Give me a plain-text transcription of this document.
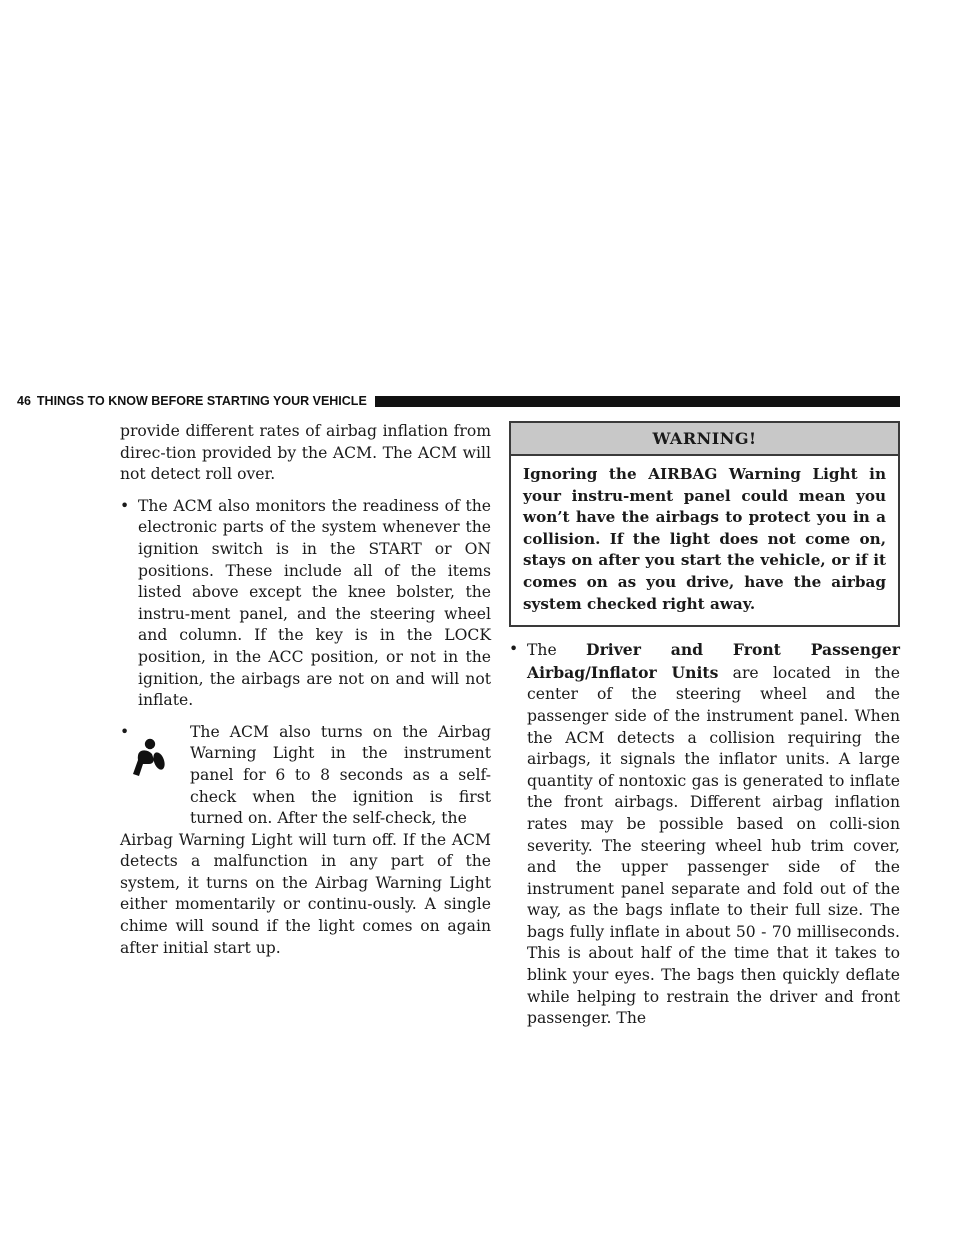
46 THINGS TO KNOW BEFORE STARTING YOUR VEHICLE

provide different rates of airbag inflation from direc-tion provided by the ACM. The ACM will not detect roll over.

• The ACM also monitors the readiness of the electronic parts of the system whenever the ignition switch is in the START or ON positions. These include all of the items listed above except the knee bolster, the instru-ment panel, and the steering wheel and column. If the key is in the LOCK position, in the ACC position, or not in the ignition, the airbags are not on and will not inflate.

• The ACM also turns on the Airbag Warning Light in the instrument panel for 6 to 8 seconds as a self-check when the ignition is first turned on. After the self-check, the

Airbag Warning Light will turn off. If the ACM detects a malfunction in any part of the system, it turns on the Airbag Warning Light either momentarily or continu-ously. A single chime will sound if the light comes on again after initial start up.

WARNING!
Ignoring the AIRBAG Warning Light in your instru-ment panel could mean you won’t have the airbags to protect you in a collision. If the light does not come on, stays on after you start the vehicle, or if it comes on as you drive, have the airbag system checked right away.

• The Driver and Front Passenger Airbag/Inflator Units are located in the center of the steering wheel and the passenger side of the instrument panel. When the ACM detects a collision requiring the airbags, it signals the inflator units. A large quantity of nontoxic gas is generated to inflate the front airbags. Different airbag inflation rates may be possible based on colli-sion severity. The steering wheel hub trim cover, and the upper passenger side of the instrument panel separate and fold out of the way, as the bags inflate to their full size. The bags fully inflate in about 50 - 70 milliseconds. This is about half of the time that it takes to blink your eyes. The bags then quickly deflate while helping to restrain the driver and front passenger. The
